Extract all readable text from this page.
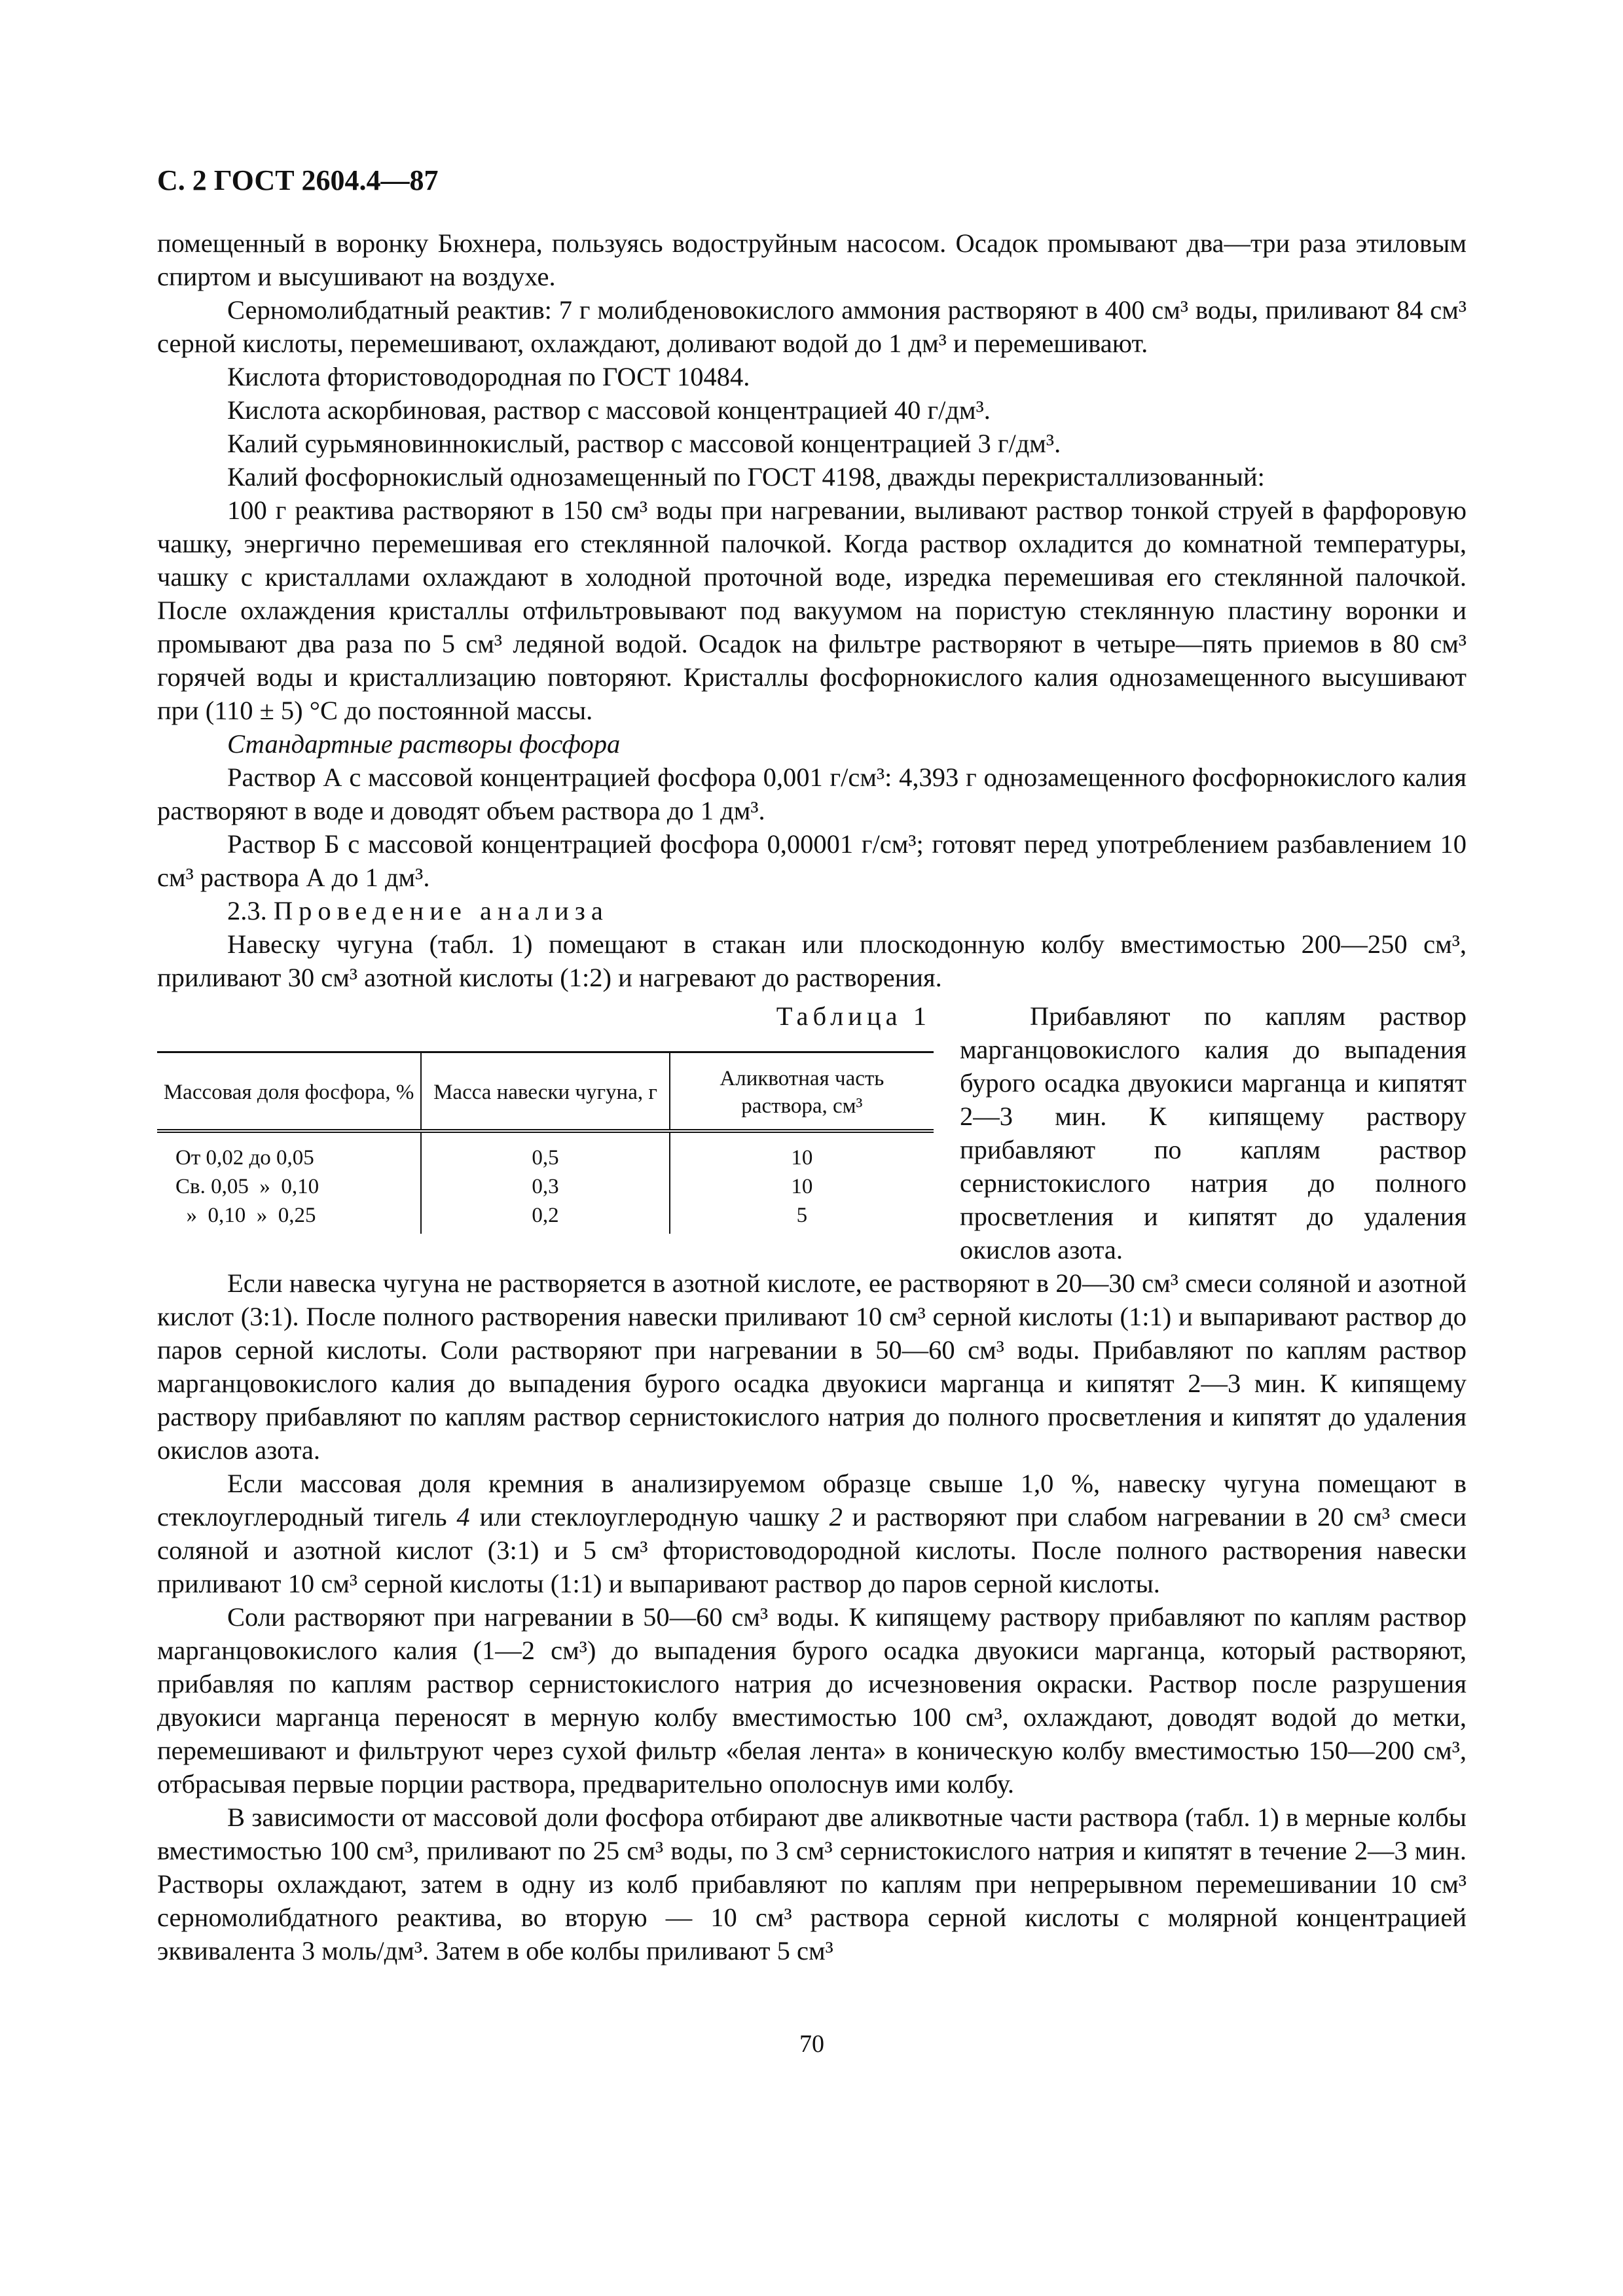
С. 2 ГОСТ 2604.4—87

помещенный в воронку Бюхнера, пользуясь водоструйным насосом. Осадок промывают два—три раза этиловым спиртом и высушивают на воздухе.

Серномолибдатный реактив: 7 г молибденовокислого аммония растворяют в 400 см³ воды, приливают 84 см³ серной кислоты, перемешивают, охлаждают, доливают водой до 1 дм³ и перемешивают.

Кислота фтористоводородная по ГОСТ 10484.

Кислота аскорбиновая, раствор с массовой концентрацией 40 г/дм³.

Калий сурьмяновиннокислый, раствор с массовой концентрацией 3 г/дм³.

Калий фосфорнокислый однозамещенный по ГОСТ 4198, дважды перекристаллизованный:

100 г реактива растворяют в 150 см³ воды при нагревании, выливают раствор тонкой струей в фарфоровую чашку, энергично перемешивая его стеклянной палочкой. Когда раствор охладится до комнатной температуры, чашку с кристаллами охлаждают в холодной проточной воде, изредка перемешивая его стеклянной палочкой. После охлаждения кристаллы отфильтровывают под вакуумом на пористую стеклянную пластину воронки и промывают два раза по 5 см³ ледяной водой. Осадок на фильтре растворяют в четыре—пять приемов в 80 см³ горячей воды и кристаллизацию повторяют. Кристаллы фосфорнокислого калия однозамещенного высушивают при (110 ± 5) °С до постоянной массы.

Стандартные растворы фосфора

Раствор А с массовой концентрацией фосфора 0,001 г/см³: 4,393 г однозамещенного фосфорнокислого калия растворяют в воде и доводят объем раствора до 1 дм³.

Раствор Б с массовой концентрацией фосфора 0,00001 г/см³; готовят перед употреблением разбавлением 10 см³ раствора А до 1 дм³.

2.3. Проведение анализа

Навеску чугуна (табл. 1) помещают в стакан или плоскодонную колбу вместимостью 200—250 см³, приливают 30 см³ азотной кислоты (1:2) и нагревают до растворения.

Таблица 1
Массовая доля фосфора, %	Масса навески чугуна, г	Аликвотная часть раствора, см³
От 0,02 до 0,05	0,5	10
Св. 0,05  »  0,10	0,3	10
»  0,10  »  0,25	0,2	5

Прибавляют по каплям раствор марганцовокислого калия до выпадения бурого осадка двуокиси марганца и кипятят 2—3 мин. К кипящему раствору прибавляют по каплям раствор сернистокислого натрия до полного просветления и кипятят до удаления окислов азота.

Если навеска чугуна не растворяется в азотной кислоте, ее растворяют в 20—30 см³ смеси соляной и азотной кислот (3:1). После полного растворения навески приливают 10 см³ серной кислоты (1:1) и выпаривают раствор до паров серной кислоты. Соли растворяют при нагревании в 50—60 см³ воды. Прибавляют по каплям раствор марганцовокислого калия до выпадения бурого осадка двуокиси марганца и кипятят 2—3 мин. К кипящему раствору прибавляют по каплям раствор сернистокислого натрия до полного просветления и кипятят до удаления окислов азота.

Если массовая доля кремния в анализируемом образце свыше 1,0 %, навеску чугуна помещают в стеклоуглеродный тигель 4 или стеклоуглеродную чашку 2 и растворяют при слабом нагревании в 20 см³ смеси соляной и азотной кислот (3:1) и 5 см³ фтористоводородной кислоты. После полного растворения навески приливают 10 см³ серной кислоты (1:1) и выпаривают раствор до паров серной кислоты.

Соли растворяют при нагревании в 50—60 см³ воды. К кипящему раствору прибавляют по каплям раствор марганцовокислого калия (1—2 см³) до выпадения бурого осадка двуокиси марганца, который растворяют, прибавляя по каплям раствор сернистокислого натрия до исчезновения окраски. Раствор после разрушения двуокиси марганца переносят в мерную колбу вместимостью 100 см³, охлаждают, доводят водой до метки, перемешивают и фильтруют через сухой фильтр «белая лента» в коническую колбу вместимостью 150—200 см³, отбрасывая первые порции раствора, предварительно ополоснув ими колбу.

В зависимости от массовой доли фосфора отбирают две аликвотные части раствора (табл. 1) в мерные колбы вместимостью 100 см³, приливают по 25 см³ воды, по 3 см³ сернистокислого натрия и кипятят в течение 2—3 мин. Растворы охлаждают, затем в одну из колб прибавляют по каплям при непрерывном перемешивании 10 см³ серномолибдатного реактива, во вторую — 10 см³ раствора серной кислоты с молярной концентрацией эквивалента 3 моль/дм³. Затем в обе колбы приливают 5 см³

70
